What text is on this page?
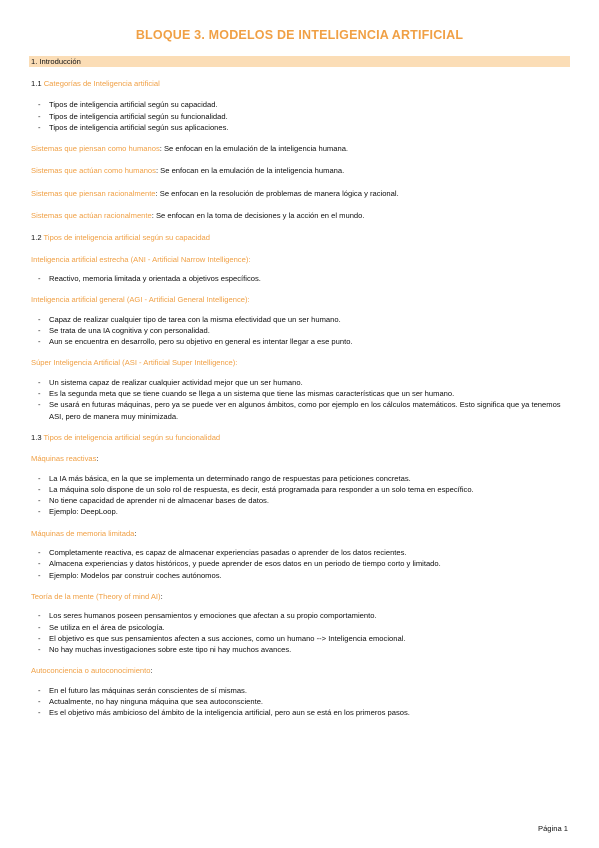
BLOQUE 3. MODELOS DE INTELIGENCIA ARTIFICIAL
1. Introducción

1.1 Categorías de Inteligencia artificial

- Tipos de inteligencia artificial según su capacidad.
- Tipos de inteligencia artificial según su funcionalidad.
- Tipos de inteligencia artificial según sus aplicaciones.

Sistemas que piensan como humanos: Se enfocan en la emulación de la inteligencia humana.

Sistemas que actúan como humanos: Se enfocan en la emulación de la inteligencia humana.

Sistemas que piensan racionalmente: Se enfocan en la resolución de problemas de manera lógica y racional.

Sistemas que actúan racionalmente: Se enfocan en la toma de decisiones y la acción en el mundo.

1.2 Tipos de inteligencia artificial según su capacidad

Inteligencia artificial estrecha (ANI - Artificial Narrow Intelligence):

- Reactivo, memoria limitada y orientada a objetivos específicos.

Inteligencia artificial general (AGI - Artificial General Intelligence):

- Capaz de realizar cualquier tipo de tarea con la misma efectividad que un ser humano.
- Se trata de una IA cognitiva y con personalidad.
- Aun se encuentra en desarrollo, pero su objetivo en general es intentar llegar a ese punto.

Súper Inteligencia Artificial (ASI - Artificial Super Intelligence):

- Un sistema capaz de realizar cualquier actividad mejor que un ser humano.
- Es la segunda meta que se tiene cuando se llega a un sistema que tiene las mismas características que un ser humano.
- Se usará en futuras máquinas, pero ya se puede ver en algunos ámbitos, como por ejemplo en los cálculos matemáticos. Esto significa que ya tenemos ASI, pero de manera muy minimizada.

1.3 Tipos de inteligencia artificial según su funcionalidad

Máquinas reactivas:

- La IA más básica, en la que se implementa un determinado rango de respuestas para peticiones concretas.
- La máquina solo dispone de un solo rol de respuesta, es decir, está programada para responder a un solo tema en específico.
- No tiene capacidad de aprender ni de almacenar bases de datos.
- Ejemplo: DeepLoop.

Máquinas de memoria limitada:

- Completamente reactiva, es capaz de almacenar experiencias pasadas o aprender de los datos recientes.
- Almacena experiencias y datos históricos, y puede aprender de esos datos en un periodo de tiempo corto y limitado.
- Ejemplo: Modelos par construir coches autónomos.

Teoría de la mente (Theory of mind AI):

- Los seres humanos poseen pensamientos y emociones que afectan a su propio comportamiento.
- Se utiliza en el área de psicología.
- El objetivo es que sus pensamientos afecten a sus acciones, como un humano --> Inteligencia emocional.
- No hay muchas investigaciones sobre este tipo ni hay muchos avances.

Autoconciencia o autoconocimiento:

- En el futuro las máquinas serán conscientes de sí mismas.
- Actualmente, no hay ninguna máquina que sea autoconsciente.
- Es el objetivo más ambicioso del ámbito de la inteligencia artificial, pero aun se está en los primeros pasos.
Página 1
